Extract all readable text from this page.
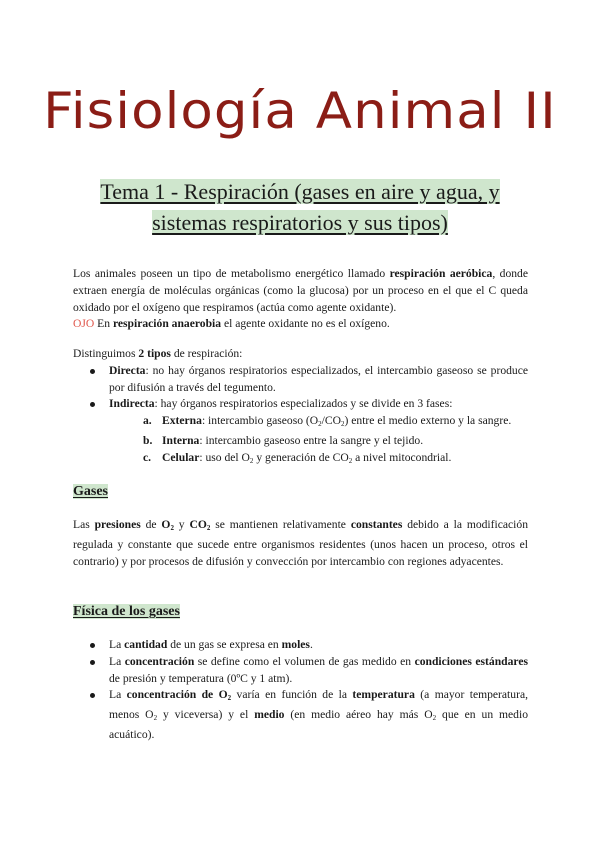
Fisiología Animal II
Tema 1 - Respiración (gases en aire y agua, y
sistemas respiratorios y sus tipos)

Los animales poseen un tipo de metabolismo energético llamado respiración aeróbica, donde extraen energía de moléculas orgánicas (como la glucosa) por un proceso en el que el C queda oxidado por el oxígeno que respiramos (actúa como agente oxidante).
OJO En respiración anaerobia el agente oxidante no es el oxígeno.

Distinguimos 2 tipos de respiración:

Directa: no hay órganos respiratorios especializados, el intercambio gaseoso se produce por difusión a través del tegumento.
Indirecta: hay órganos respiratorios especializados y se divide en 3 fases:
a. Externa: intercambio gaseoso (O2/CO2) entre el medio externo y la sangre.
b. Interna: intercambio gaseoso entre la sangre y el tejido.
c. Celular: uso del O2 y generación de CO2 a nivel mitocondrial.
Gases

Las presiones de O2 y CO2 se mantienen relativamente constantes debido a la modificación regulada y constante que sucede entre organismos residentes (unos hacen un proceso, otros el contrario) y por procesos de difusión y convección por intercambio con regiones adyacentes.

Física de los gases
La cantidad de un gas se expresa en moles.
La concentración se define como el volumen de gas medido en condiciones estándares de presión y temperatura (0ºC y 1 atm).
La concentración de O2 varía en función de la temperatura (a mayor temperatura, menos O2 y viceversa) y el medio (en medio aéreo hay más O2 que en un medio acuático).
